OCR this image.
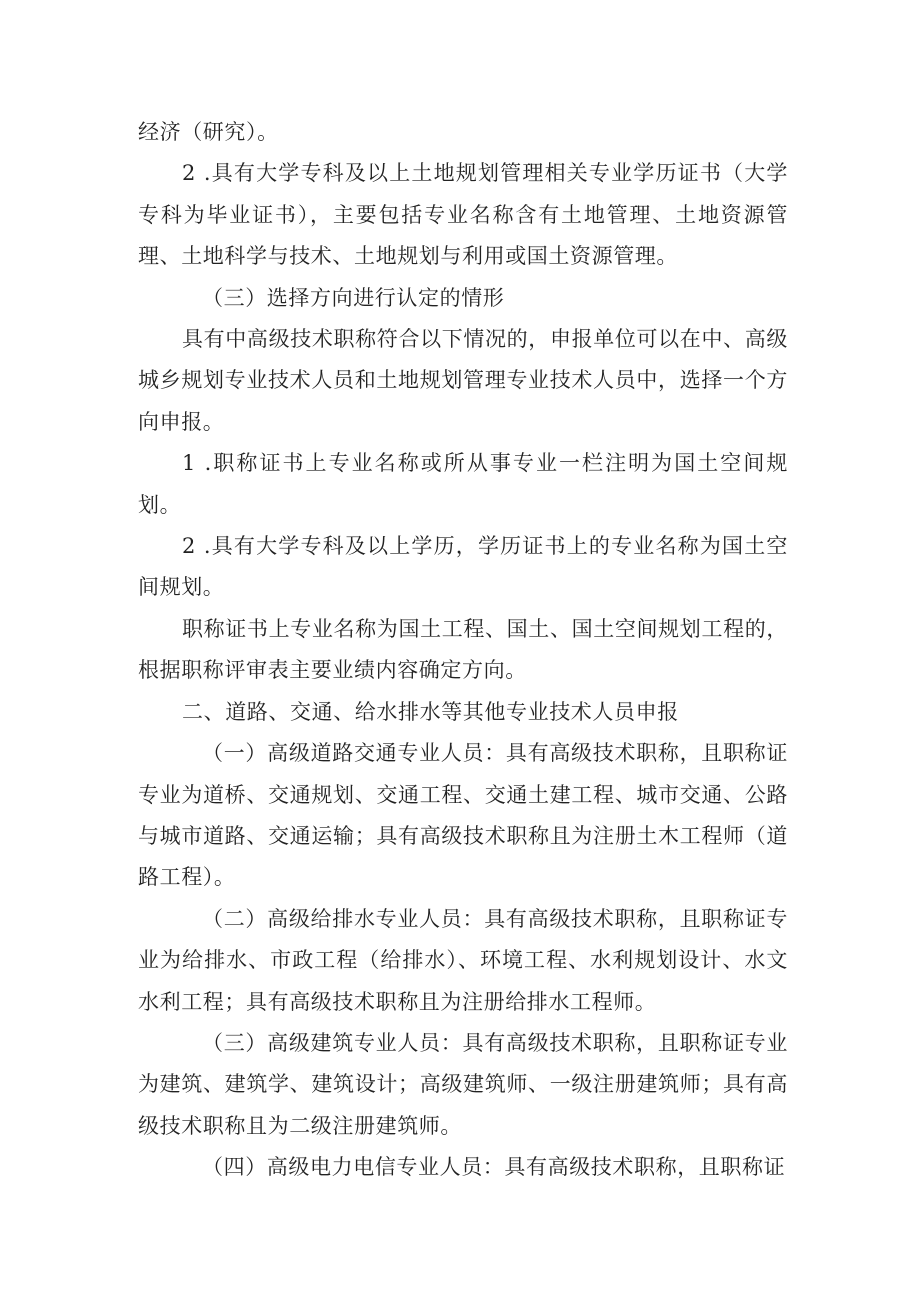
经济（研究）。

2 .具有大学专科及以上土地规划管理相关专业学历证书（大学专科为毕业证书），主要包括专业名称含有土地管理、土地资源管理、土地科学与技术、土地规划与利用或国土资源管理。

（三）选择方向进行认定的情形

具有中高级技术职称符合以下情况的，申报单位可以在中、高级城乡规划专业技术人员和土地规划管理专业技术人员中，选择一个方向申报。

1 .职称证书上专业名称或所从事专业一栏注明为国土空间规划。

2 .具有大学专科及以上学历，学历证书上的专业名称为国土空间规划。

职称证书上专业名称为国土工程、国土、国土空间规划工程的，根据职称评审表主要业绩内容确定方向。

二、道路、交通、给水排水等其他专业技术人员申报

（一）高级道路交通专业人员：具有高级技术职称，且职称证专业为道桥、交通规划、交通工程、交通土建工程、城市交通、公路与城市道路、交通运输；具有高级技术职称且为注册土木工程师（道路工程）。

（二）高级给排水专业人员：具有高级技术职称，且职称证专业为给排水、市政工程（给排水）、环境工程、水利规划设计、水文水利工程；具有高级技术职称且为注册给排水工程师。

（三）高级建筑专业人员：具有高级技术职称，且职称证专业为建筑、建筑学、建筑设计；高级建筑师、一级注册建筑师；具有高级技术职称且为二级注册建筑师。

（四）高级电力电信专业人员：具有高级技术职称，且职称证
